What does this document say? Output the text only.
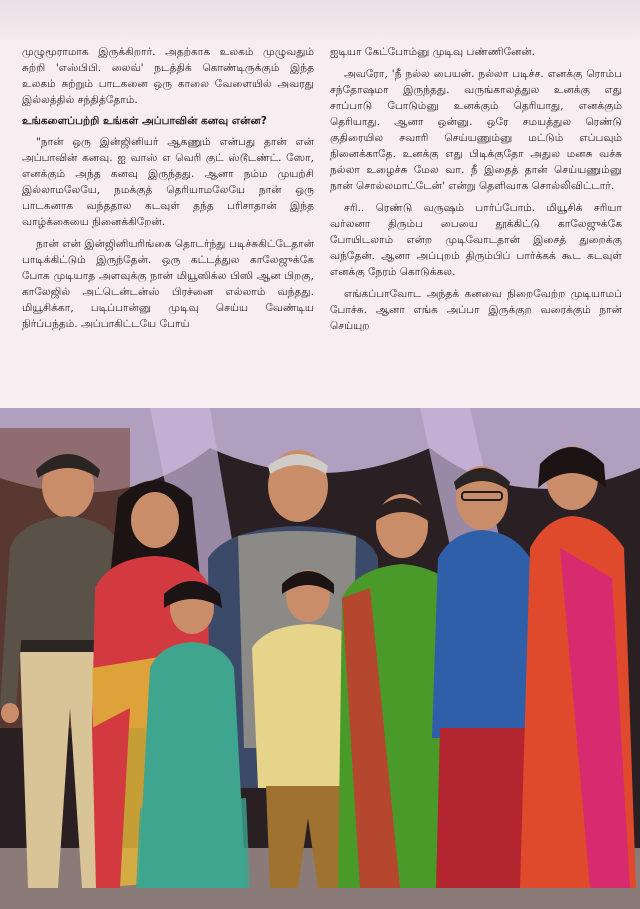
முழுமூராமாக இருக்கிறார். அதற்காக உலகம் முழுவதும் சுற்றி 'எஸ்பிபி. லைவ்' நடத்திக் கொண்டிருக்கும் இந்த உலகம் சுற்றும் பாடகனை ஒரு காலை வேளையில் அவரது இல்லத்தில் சந்தித்தோம்.

உங்களைப்பற்றி உங்கள் அப்பாவின் கனவு என்ன?

"நான் ஒரு இன்ஜினியர் ஆகணும் என்பது தான் என் அப்பாவின் கனவு. ஐ வாஸ் எ வெரி குட் ஸ்டூடண்ட். ஸோ, எனக்கும் அந்த கனவு இருந்தது. ஆனா நம்ம முயற்சி இல்லாமலேயே, நமக்குத் தெரியாமலேயே நான் ஒரு பாடகனாக வந்ததால கடவுள் தந்த பரிசாதான் இந்த வாழ்க்கையை நினைக்கிறேன்.

நான் என் இன்ஜினியரிங்கை தொடர்ந்து படிச்சுகிட்டேதான் பாடிக்கிட்டும் இருந்தேன். ஒரு கட்டத்துல காலேஜுக்கே போக முடியாத அளவுக்கு நான் மியூஸிக்ல பிஸி ஆன பிறகு, காலேஜில் அட்டென்டன்ஸ் பிரச்னை எல்லாம் வந்தது. மியூசிக்கா, படிப்பான்னு முடிவு செய்ய வேண்டிய நிர்ப்பந்தம். அப்பாகிட்டயே போய்

ஐடியா கேட்போம்னு முடிவு பண்ணினேன்.

அவரோ, 'நீ நல்ல பையன். நல்லா படிச்ச. எனக்கு ரொம்ப சந்தோஷமா இருந்தது. வருங்காலத்துல உனக்கு எது சாப்பாடு போடும்னு உனக்கும் தெரியாது, எனக்கும் தெரியாது. ஆனா ஒன்னு. ஒரே சமயத்துல ரெண்டு குதிரையில சவாரி செய்யணும்னு மட்டும் எப்பவும் நினைக்காதே. உனக்கு எது பிடிக்குதோ அதுல மனசு வச்சு நல்லா உழைச்சு மேல வா. நீ இதைத் தான் செய்யணும்னு நான் சொல்லமாட்டேன்' என்று தெளிவாக சொல்லிவிட்டார்.

சரி.. ரெண்டு வருஷம் பார்ப்போம். மியூசிக் சரியா வர்லனா திரும்ப பையை தூக்கிட்டு காலேஜுக்கே போயிடலாம் என்ற முடிவோடதான் இசைத் துறைக்கு வந்தேன். ஆனா அப்புறம் திரும்பிப் பார்க்கக் கூட கடவுள் எனக்கு நேரம் கொடுக்கல.

எங்கப்பாவோட அந்தக் கனவை நிறைவேற்ற முடியாமப் போச்சு. ஆனா எங்க அப்பா இருக்குற வரைக்கும் நான் செய்யுற
